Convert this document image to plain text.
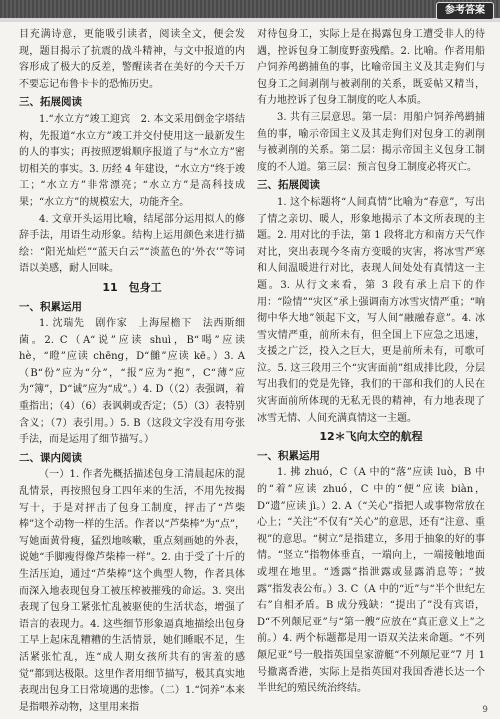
参考答案
目充满诗意，更能吸引读者，阅读全文，便会发现，题目揭示了抗震的战斗精神，与文中报道的内容形成了极大的反差，警醒读者在美好的今天千万不要忘记布鲁卡卡的恐怖历史。
三、拓展阅读
1.“水立方”竣工迎宾　2. 本文采用倒金字塔结构，先报道“水立方”竣工并交付使用这一最新发生的人的事实；再按照逻辑顺序报道了与“水立方”密切相关的事实。3. 历经 4 年建设，“水立方”终于竣工；“水立方”非常漂亮；“水立方”是高科技成果；“水立方”的规模宏大，功能齐全。
4. 文章开头运用比喻，结尾部分运用拟人的修辞手法，用语生动形象。结构上运用颜色来进行描绘：“阳光灿烂”“蓝天白云”“淡蓝色的‘外衣’”等词语以美感，耐人回味。
11　包身工
一、积累运用
1. 沈瑞先　剧作家　上海屋檐下　法西斯细菌。2. C（A“说”应读 shuì，B“喝”应读 hè，“瞪”应读 chēng，D“雠”应读 kē。）3. A（B“份”应为“分”，“报”应为“抱”，C“薄”应为“簿”，D“诚”应为“成”。）4. D（（2）表强调，着重指出；（4）（6）表讽刺或否定；（5）（3）表特别含义；（7）表引用。）5. B（这段文字没有用夸张手法，而是运用了细节描写。）
二、课内阅读
（一）1. 作者先概括描述包身工清晨起床的混乱情景，再按照包身工四年来的生活，不用先按揭写十，于是对抨击了包身工制度，抨击了“芦柴棒”这个动物一样的生活。作者以“芦柴棒”为“点”，写她面黄骨瘦，猛烈地咳嗽，重点刻画她的外表，说她“手脚瘦得像芦柴棒一样”。2. 由于受了十斤的生活压迫，通过“芦柴棒”这个典型人物，作者具体而深入地表现包身工被压榨被摧残的命运。3. 突出表现了包身工紧张忙乱被驱使的生活状态，增强了语言的表现力。4. 这些细节形象逼真地描绘出包身工早上起床乱糟糟的生活情景，她们睡眠不足，生活紧张忙乱，连“成人期女孩所共有的害羞的感觉”都到达极限。这里作者用细节描写，极其真实地表现出包身工日常境遇的悲惨。（二）1.“饲养”本来是指喂养动物，这里用来指
对待包身工，实际上是在揭露包身工遭受非人的待遇，控诉包身工制度野蛮残酷。2. 比喻。作者用船户饲养鸬鹚捕鱼的事，比喻帝国主义及其走狗们与包身工之间剥削与被剥削的关系，既妥帖又精当，有力地控诉了包身工制度的吃人本质。
3. 共有三层意思。第一层：用船户饲养鸬鹚捕鱼的事，喻示帝国主义及其走狗们对包身工的剥削与被剥削的关系。第二层：揭示帝国主义包身工制度的不人道。第三层：预言包身工制度必将灭亡。
三、拓展阅读
1. 这个标题将“人间真情”比喻为“春意”，写出了情之亲切、暖人，形象地揭示了本文所表现的主题。2. 用对比的手法，第 1 段将北方和南方天气作对比，突出表现今冬南方变暖的灾害，将冰雪严寒和人间温暖进行对比，表现人间处处有真情这一主题。3. 从行文来看，第 3 段有承上启下的作用：“险情”“灾区”承上强调南方冰雪灾情严重；“响彻中华大地”领起下文，写人间“融融春意”。4. 冰雪灾情严重，前所未有，但全国上下应急之迅速，支援之广泛，投入之巨大，更是前所未有，可歌可泣。5. 这三段用三个“灾害面前”组成排比段，分层写出我们的党是先锋，我们的干部和我们的人民在灾害面前所体现的无私无畏的精神，有力地表现了冰雪无情、人间充满真情这一主题。
12＊飞向太空的航程
一、积累运用
1. 拂 zhuó，C（A 中的“落”应读 luò，B 中的“着”应读 zhuó，C 中的“便”应读 biàn，D“遗”应读 jì。）2. A（“关心”指把人或事物常放在心上；“关注”不仅有“关心”的意思，还有“注意、重视”的意思。“树立”是指建立，多用于抽象的好的事情。“竖立”指物体垂直，一端向上，一端接触地面或埋在地里。“透露”指泄露或显露消息等；“披露”指发表公布。）3. C（A 中的“近”与“半个世纪左右”自相矛盾。B 成分残缺：“提出了”没有宾语，D“不列颠尼亚”与“第一艘”应放在“真正意义上”之前。）4. 两个标题都是用一语双关法来命题。“不列颠尼亚”号一般指英国皇家游艇“不列颠尼亚”7 月 1 号撤离香港，实际上是指英国对我国香港长达一个半世纪的殖民统治终结。
9
